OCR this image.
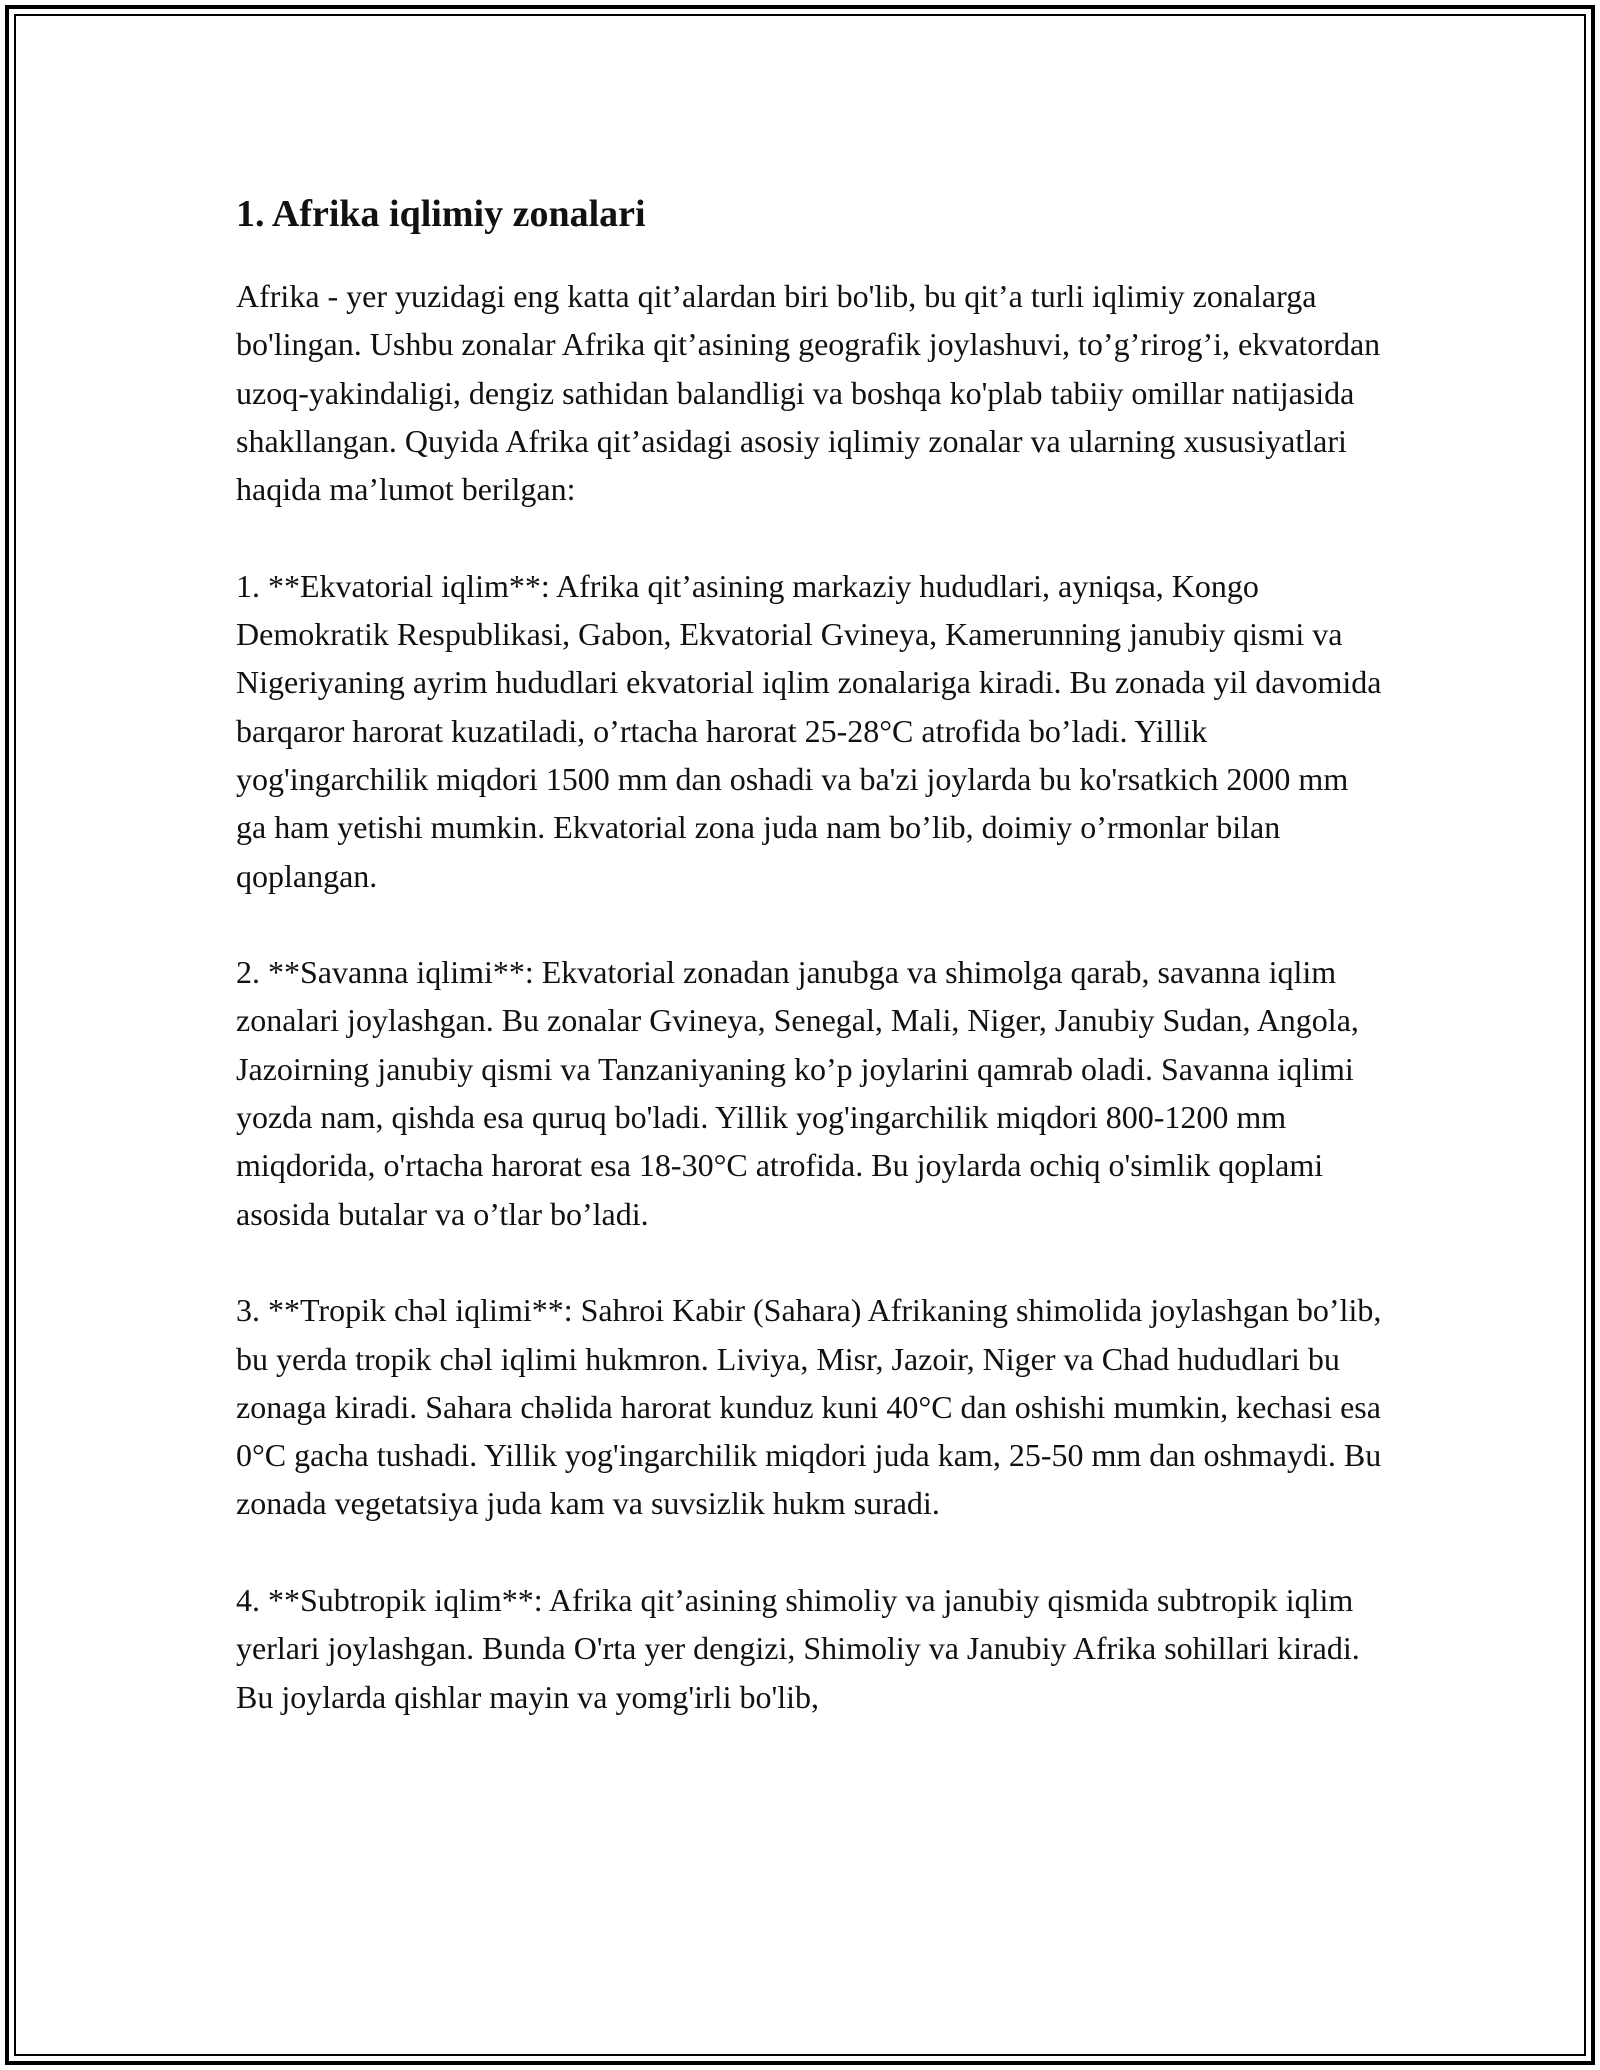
1. Afrika iqlimiy zonalari

Afrika - yer yuzidagi eng katta qit’alardan biri bo'lib, bu qit’a turli iqlimiy zonalarga bo'lingan. Ushbu zonalar Afrika qit’asining geografik joylashuvi, to’g’rirog’i, ekvatordan uzoq-yakindaligi, dengiz sathidan balandligi va boshqa ko'plab tabiiy omillar natijasida shakllangan. Quyida Afrika qit’asidagi asosiy iqlimiy zonalar va ularning xususiyatlari haqida ma’lumot berilgan:

1. **Ekvatorial iqlim**: Afrika qit’asining markaziy hududlari, ayniqsa, Kongo Demokratik Respublikasi, Gabon, Ekvatorial Gvineya, Kamerunning janubiy qismi va Nigeriyaning ayrim hududlari ekvatorial iqlim zonalariga kiradi. Bu zonada yil davomida barqaror harorat kuzatiladi, o’rtacha harorat 25-28°C atrofida bo’ladi. Yillik yog'ingarchilik miqdori 1500 mm dan oshadi va ba'zi joylarda bu ko'rsatkich 2000 mm ga ham yetishi mumkin. Ekvatorial zona juda nam bo’lib, doimiy o’rmonlar bilan qoplangan.

2. **Savanna iqlimi**: Ekvatorial zonadan janubga va shimolga qarab, savanna iqlim zonalari joylashgan. Bu zonalar Gvineya, Senegal, Mali, Niger, Janubiy Sudan, Angola, Jazoirning janubiy qismi va Tanzaniyaning ko’p joylarini qamrab oladi. Savanna iqlimi yozda nam, qishda esa quruq bo'ladi. Yillik yog'ingarchilik miqdori 800-1200 mm miqdorida, o'rtacha harorat esa 18-30°C atrofida. Bu joylarda ochiq o'simlik qoplami asosida butalar va o’tlar bo’ladi.

3. **Tropik chəl iqlimi**: Sahroi Kabir (Sahara) Afrikaning shimolida joylashgan bo’lib, bu yerda tropik chəl iqlimi hukmron. Liviya, Misr, Jazoir, Niger va Chad hududlari bu zonaga kiradi. Sahara chəlida harorat kunduz kuni 40°C dan oshishi mumkin, kechasi esa 0°C gacha tushadi. Yillik yog'ingarchilik miqdori juda kam, 25-50 mm dan oshmaydi. Bu zonada vegetatsiya juda kam va suvsizlik hukm suradi.

4. **Subtropik iqlim**: Afrika qit’asining shimoliy va janubiy qismida subtropik iqlim yerlari joylashgan. Bunda O'rta yer dengizi, Shimoliy va Janubiy Afrika sohillari kiradi. Bu joylarda qishlar mayin va yomg'irli bo'lib,
